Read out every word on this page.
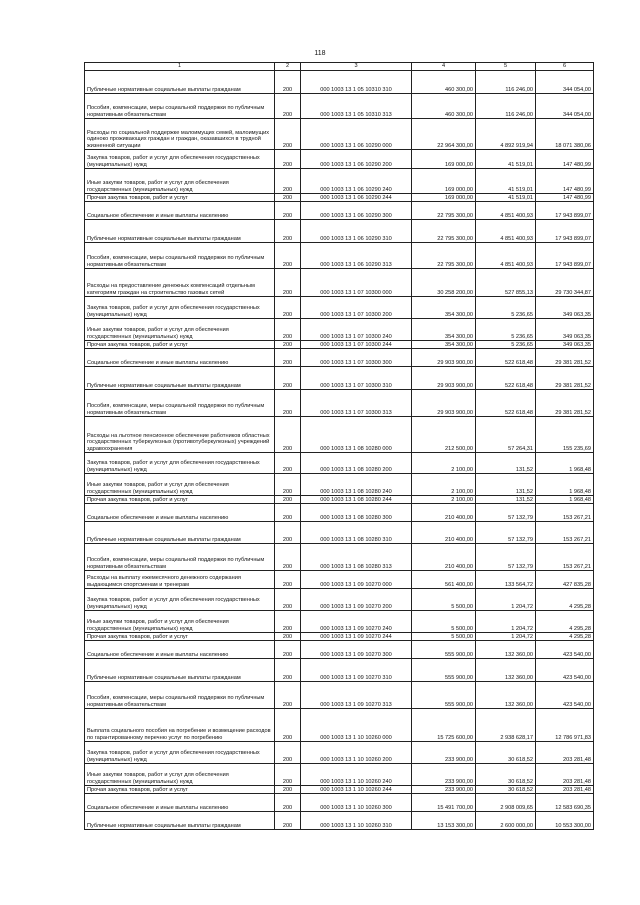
118
1	2	3	4	5	6
Публичные нормативные социальные выплаты гражданам	200	000 1003 13 1 05 10310 310	460 300,00	116 246,00	344 054,00
Пособия, компенсации, меры социальной поддержки по публичным нормативным обязательствам	200	000 1003 13 1 05 10310 313	460 300,00	116 246,00	344 054,00
Расходы по социальной поддержке малоимущих семей, малоимущих одиноко проживающих граждан и граждан, оказавшихся в трудной жизненной ситуации	200	000 1003 13 1 06 10290 000	22 964 300,00	4 892 919,94	18 071 380,06
Закупка товаров, работ и услуг для обеспечения государственных (муниципальных) нужд	200	000 1003 13 1 06 10290 200	169 000,00	41 519,01	147 480,99
Иные закупки товаров, работ и услуг для обеспечения государственных (муниципальных) нужд	200	000 1003 13 1 06 10290 240	169 000,00	41 519,01	147 480,99
Прочая закупка товаров, работ и услуг	200	000 1003 13 1 06 10290 244	169 000,00	41 519,01	147 480,99
Социальное обеспечение и иные выплаты населению	200	000 1003 13 1 06 10290 300	22 795 300,00	4 851 400,93	17 943 899,07
Публичные нормативные социальные выплаты гражданам	200	000 1003 13 1 06 10290 310	22 795 300,00	4 851 400,93	17 943 899,07
Пособия, компенсации, меры социальной поддержки по публичным нормативным обязательствам	200	000 1003 13 1 06 10290 313	22 795 300,00	4 851 400,93	17 943 899,07
Расходы на предоставление денежных компенсаций отдельным категориям граждан на строительство газовых сетей	200	000 1003 13 1 07 10300 000	30 258 200,00	527 855,13	29 730 344,87
Закупка товаров, работ и услуг для обеспечения государственных (муниципальных) нужд	200	000 1003 13 1 07 10300 200	354 300,00	5 236,65	349 063,35
Иные закупки товаров, работ и услуг для обеспечения государственных (муниципальных) нужд	200	000 1003 13 1 07 10300 240	354 300,00	5 236,65	349 063,35
Прочая закупка товаров, работ и услуг	200	000 1003 13 1 07 10300 244	354 300,00	5 236,65	349 063,35
Социальное обеспечение и иные выплаты населению	200	000 1003 13 1 07 10300 300	29 903 900,00	522 618,48	29 381 281,52
Публичные нормативные социальные выплаты гражданам	200	000 1003 13 1 07 10300 310	29 903 900,00	522 618,48	29 381 281,52
Пособия, компенсации, меры социальной поддержки по публичным нормативным обязательствам	200	000 1003 13 1 07 10300 313	29 903 900,00	522 618,48	29 381 281,52
Расходы на льготное пенсионное обеспечение работников областных государственных туберкулезных (противотуберкулезных) учреждений здравоохранения	200	000 1003 13 1 08 10280 000	212 500,00	57 264,31	155 235,69
Закупка товаров, работ и услуг для обеспечения государственных (муниципальных) нужд	200	000 1003 13 1 08 10280 200	2 100,00	131,52	1 968,48
Иные закупки товаров, работ и услуг для обеспечения государственных (муниципальных) нужд	200	000 1003 13 1 08 10280 240	2 100,00	131,52	1 968,48
Прочая закупка товаров, работ и услуг	200	000 1003 13 1 08 10280 244	2 100,00	131,52	1 968,48
Социальное обеспечение и иные выплаты населению	200	000 1003 13 1 08 10280 300	210 400,00	57 132,79	153 267,21
Публичные нормативные социальные выплаты гражданам	200	000 1003 13 1 08 10280 310	210 400,00	57 132,79	153 267,21
Пособия, компенсации, меры социальной поддержки по публичным нормативным обязательствам	200	000 1003 13 1 08 10280 313	210 400,00	57 132,79	153 267,21
Расходы на выплату ежемесячного денежного содержания выдающимся спортсменам и тренерам	200	000 1003 13 1 09 10270 000	561 400,00	133 564,72	427 835,28
Закупка товаров, работ и услуг для обеспечения государственных (муниципальных) нужд	200	000 1003 13 1 09 10270 200	5 500,00	1 204,72	4 295,28
Иные закупки товаров, работ и услуг для обеспечения государственных (муниципальных) нужд	200	000 1003 13 1 09 10270 240	5 500,00	1 204,72	4 295,28
Прочая закупка товаров, работ и услуг	200	000 1003 13 1 09 10270 244	5 500,00	1 204,72	4 295,28
Социальное обеспечение и иные выплаты населению	200	000 1003 13 1 09 10270 300	555 900,00	132 360,00	423 540,00
Публичные нормативные социальные выплаты гражданам	200	000 1003 13 1 09 10270 310	555 900,00	132 360,00	423 540,00
Пособия, компенсации, меры социальной поддержки по публичным нормативным обязательствам	200	000 1003 13 1 09 10270 313	555 900,00	132 360,00	423 540,00
Выплата социального пособия на погребение и возмещение расходов по гарантированному перечню услуг по погребению	200	000 1003 13 1 10 10260 000	15 725 600,00	2 938 628,17	12 786 971,83
Закупка товаров, работ и услуг для обеспечения государственных (муниципальных) нужд	200	000 1003 13 1 10 10260 200	233 900,00	30 618,52	203 281,48
Иные закупки товаров, работ и услуг для обеспечения государственных (муниципальных) нужд	200	000 1003 13 1 10 10260 240	233 900,00	30 618,52	203 281,48
Прочая закупка товаров, работ и услуг	200	000 1003 13 1 10 10260 244	233 900,00	30 618,52	203 281,48
Социальное обеспечение и иные выплаты населению	200	000 1003 13 1 10 10260 300	15 491 700,00	2 908 009,65	12 583 690,35
Публичные нормативные социальные выплаты гражданам	200	000 1003 13 1 10 10260 310	13 153 300,00	2 600 000,00	10 553 300,00
